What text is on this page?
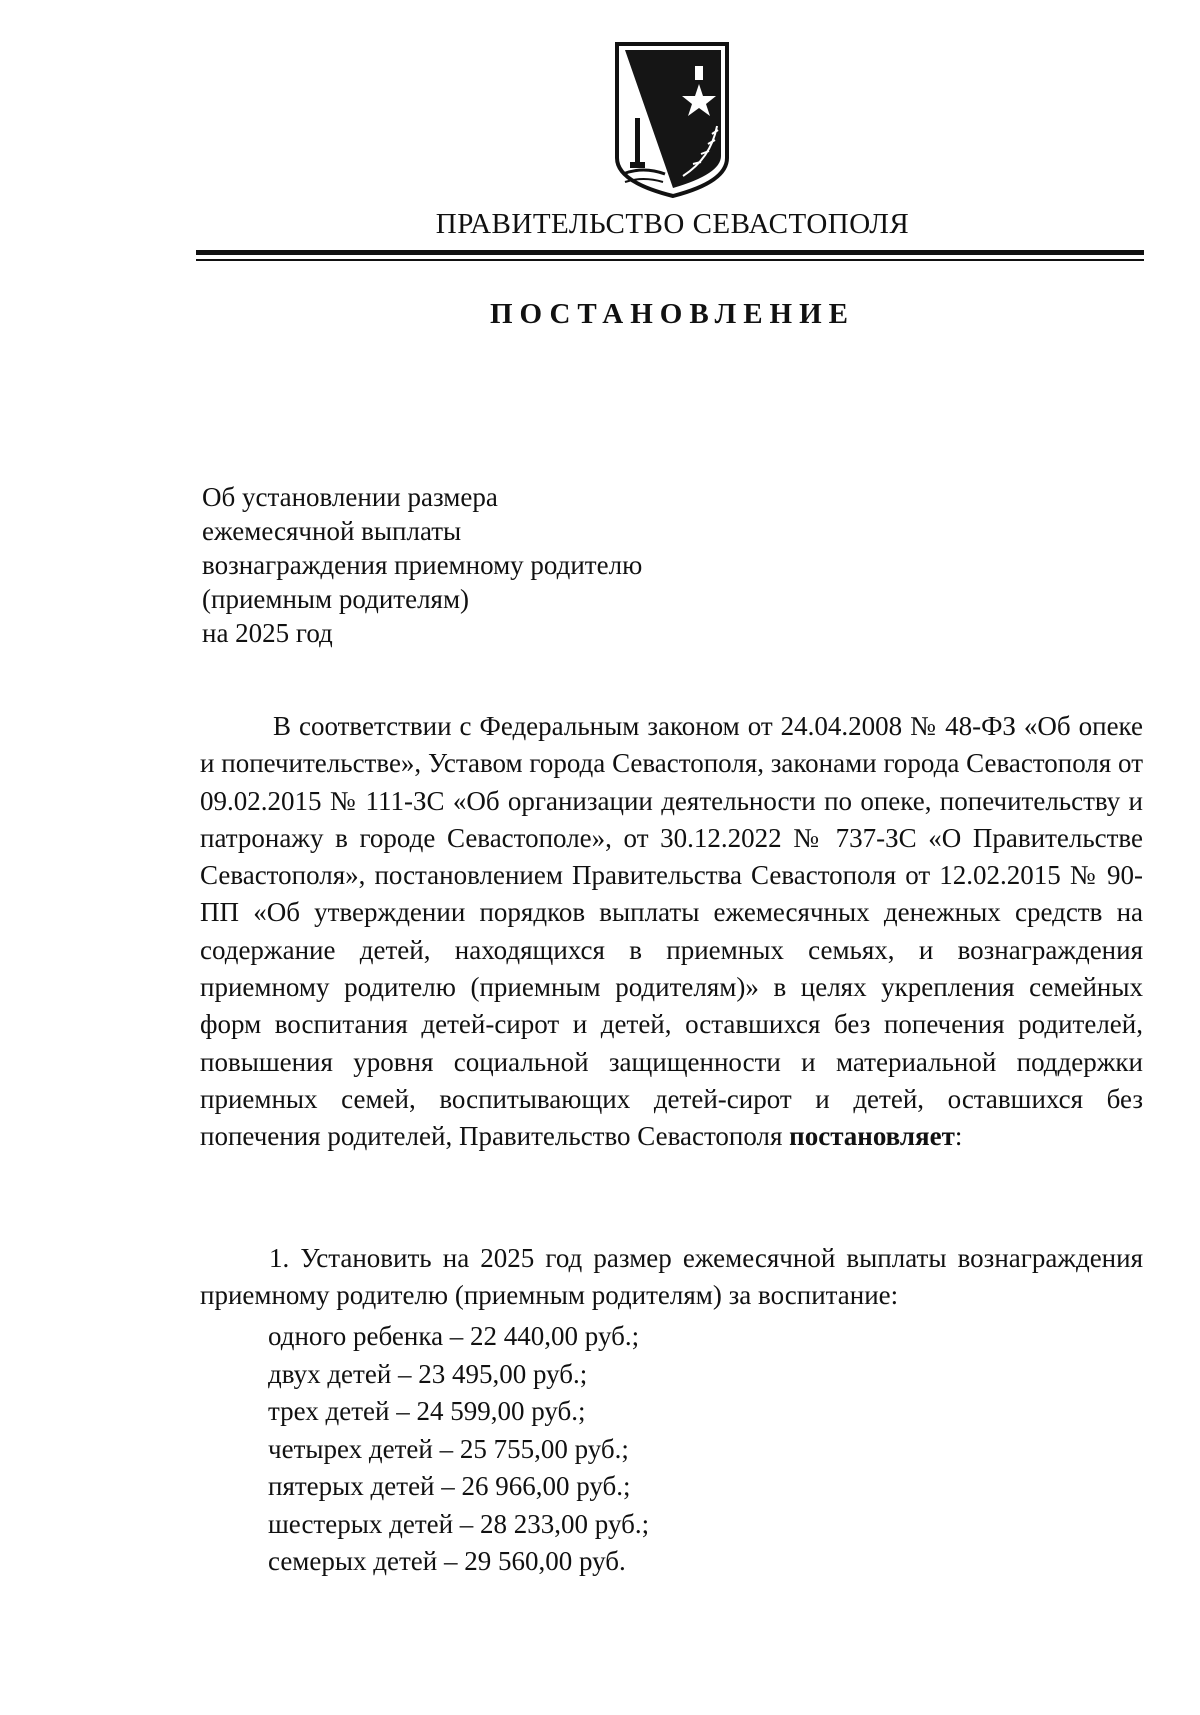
ПРАВИТЕЛЬСТВО СЕВАСТОПОЛЯ
ПОСТАНОВЛЕНИЕ
Об установлении размера
ежемесячной выплаты
вознаграждения приемному родителю
(приемным родителям)
на 2025 год

В соответствии с Федеральным законом от 24.04.2008 № 48-ФЗ «Об опеке и попечительстве», Уставом города Севастополя, законами города Севастополя от 09.02.2015 № 111-ЗС «Об организации деятельности по опеке, попечительству и патронажу в городе Севастополе», от 30.12.2022 № 737-ЗС «О Правительстве Севастополя», постановлением Правительства Севастополя от 12.02.2015 № 90-ПП «Об утверждении порядков выплаты ежемесячных денежных средств на содержание детей, находящихся в приемных семьях, и вознаграждения приемному родителю (приемным родителям)» в целях укрепления семейных форм воспитания детей-сирот и детей, оставшихся без попечения родителей, повышения уровня социальной защищенности и материальной поддержки приемных семей, воспитывающих детей-сирот и детей, оставшихся без попечения родителей, Правительство Севастополя постановляет:

1. Установить на 2025 год размер ежемесячной выплаты вознаграждения приемному родителю (приемным родителям) за воспитание:

одного ребенка – 22 440,00 руб.;
двух детей – 23 495,00 руб.;
трех детей – 24 599,00 руб.;
четырех детей – 25 755,00 руб.;
пятерых детей – 26 966,00 руб.;
шестерых детей – 28 233,00 руб.;
семерых детей – 29 560,00 руб.
